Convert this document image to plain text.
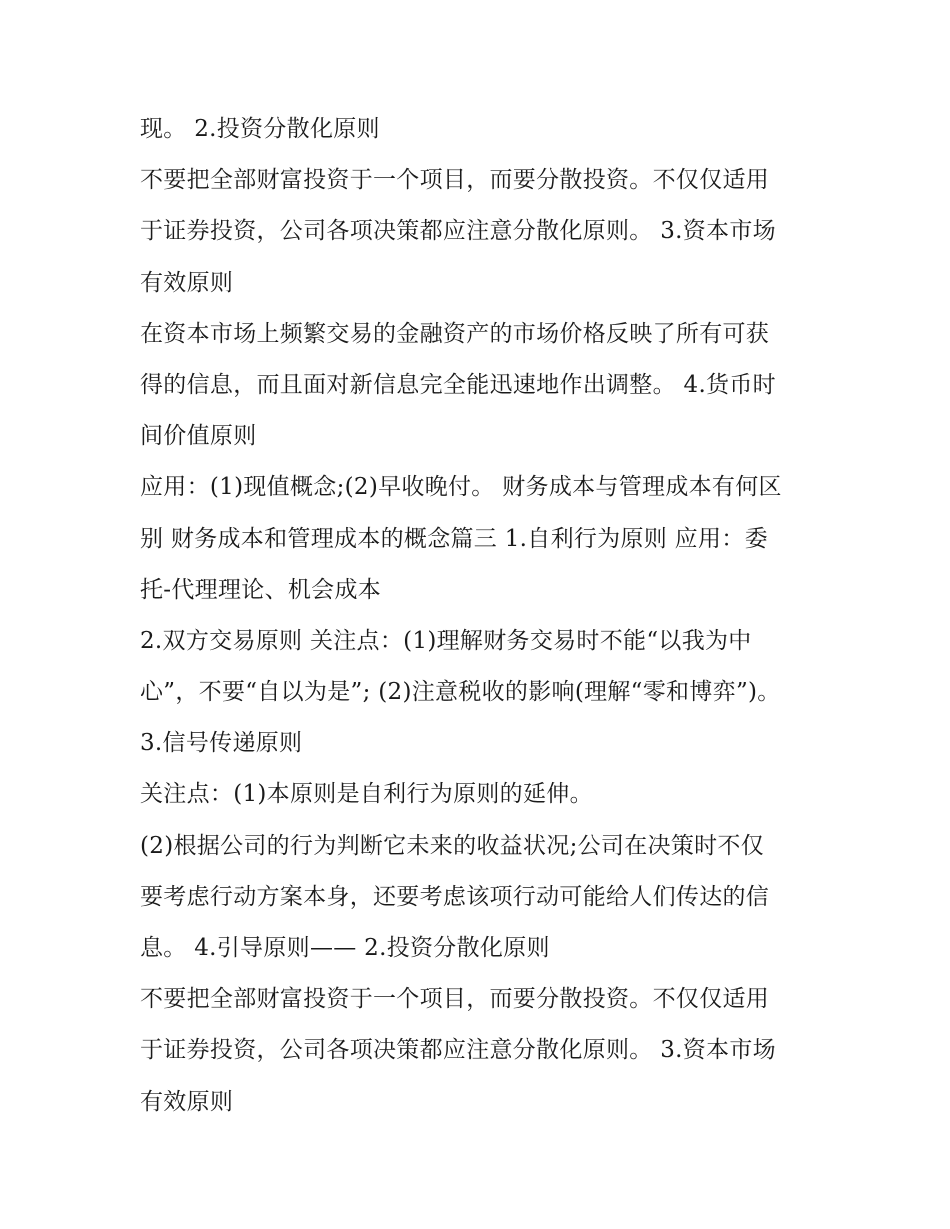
现。 2.投资分散化原则
不要把全部财富投资于一个项目，而要分散投资。不仅仅适用
于证券投资，公司各项决策都应注意分散化原则。 3.资本市场
有效原则
在资本市场上频繁交易的金融资产的市场价格反映了所有可获
得的信息，而且面对新信息完全能迅速地作出调整。 4.货币时
间价值原则
应用：(1)现值概念;(2)早收晚付。 财务成本与管理成本有何区
别 财务成本和管理成本的概念篇三 1.自利行为原则 应用：委
托-代理理论、机会成本
2.双方交易原则 关注点：(1)理解财务交易时不能“以我为中
心”，不要“自以为是”; (2)注意税收的影响(理解“零和博弈”)。
3.信号传递原则
关注点：(1)本原则是自利行为原则的延伸。
(2)根据公司的行为判断它未来的收益状况;公司在决策时不仅
要考虑行动方案本身，还要考虑该项行动可能给人们传达的信
息。 4.引导原则—— 2.投资分散化原则
不要把全部财富投资于一个项目，而要分散投资。不仅仅适用
于证券投资，公司各项决策都应注意分散化原则。 3.资本市场
有效原则
